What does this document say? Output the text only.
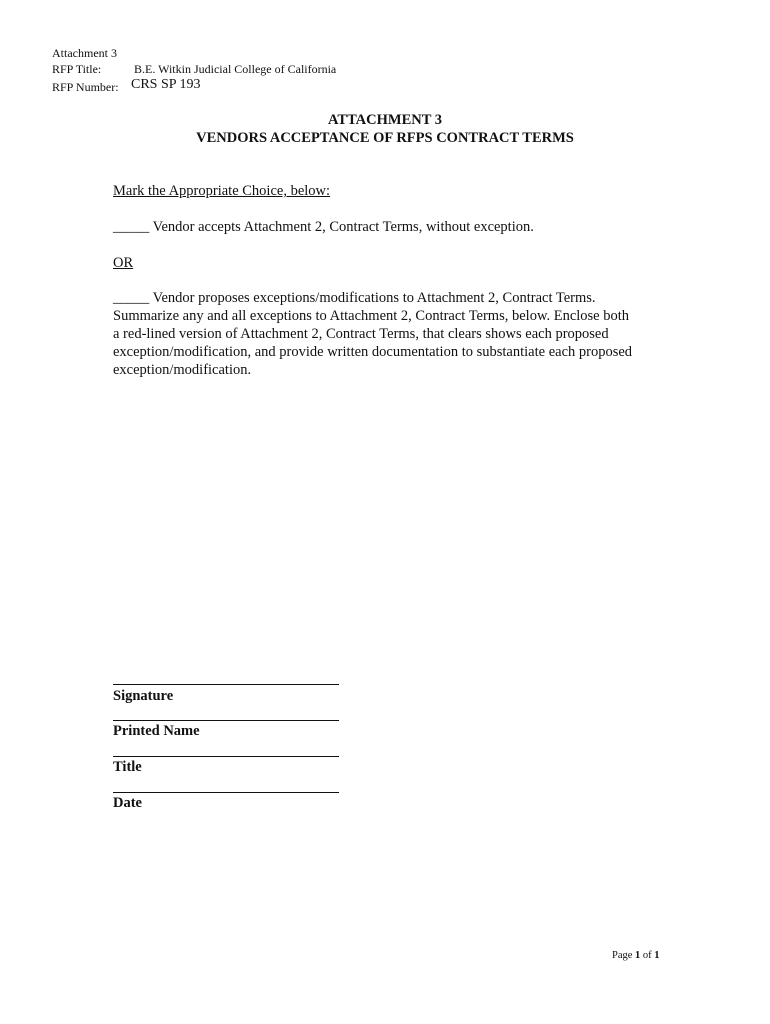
Attachment 3
RFP Title:	B.E. Witkin Judicial College of California
RFP Number: CRS SP 193
ATTACHMENT 3
VENDORS ACCEPTANCE OF RFPS CONTRACT TERMS
Mark the Appropriate Choice, below:
_____ Vendor accepts Attachment 2, Contract Terms, without exception.
OR
_____ Vendor proposes exceptions/modifications to Attachment 2, Contract Terms.
Summarize any and all exceptions to Attachment 2, Contract Terms, below. Enclose both
a red-lined version of Attachment 2, Contract Terms, that clears shows each proposed
exception/modification, and provide written documentation to substantiate each proposed
exception/modification.
Signature
Printed Name
Title
Date
Page 1 of 1
